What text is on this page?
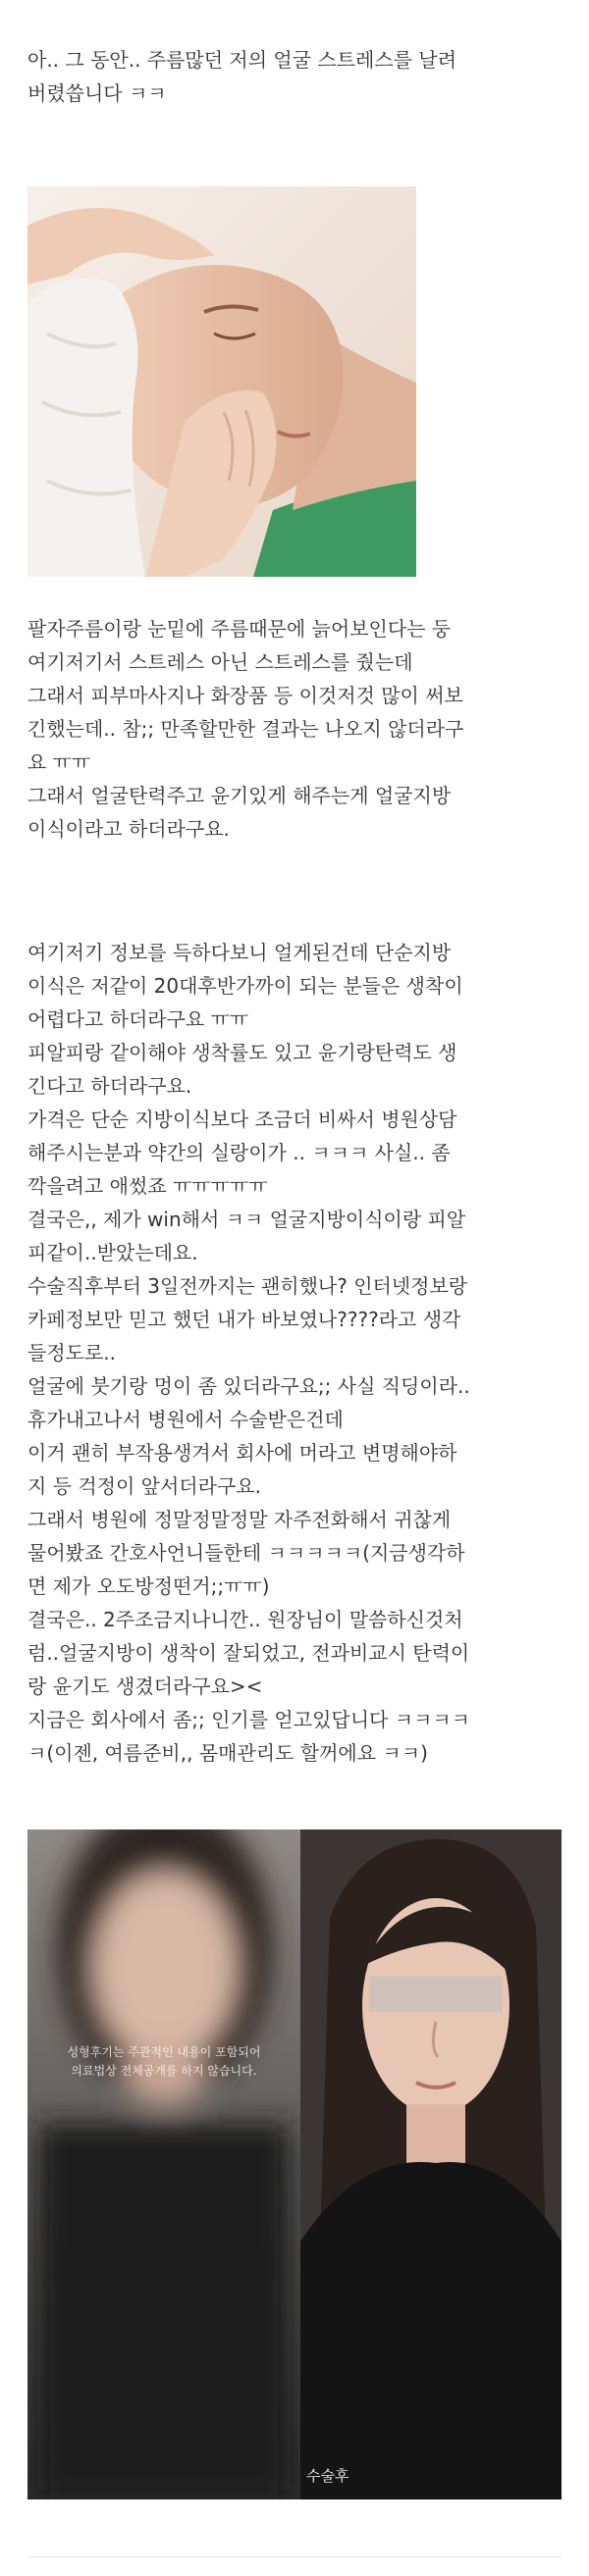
아.. 그 동안.. 주름많던 저의 얼굴 스트레스를 날려
버렸씁니다 ㅋㅋ

팔자주름이랑 눈밑에 주름때문에 늙어보인다는 둥
여기저기서 스트레스 아닌 스트레스를 줬는데
그래서 피부마사지나 화장품 등 이것저것 많이 써보
긴했는데.. 참;; 만족할만한 결과는 나오지 않더라구
요 ㅠㅠ
그래서 얼굴탄력주고 윤기있게 해주는게 얼굴지방
이식이라고 하더라구요.

여기저기 정보를 득하다보니 얼게된건데 단순지방
이식은 저같이 20대후반가까이 되는 분들은 생착이
어렵다고 하더라구요 ㅠㅠ
피알피랑 같이해야 생착률도 있고 윤기랑탄력도 생
긴다고 하더라구요.
가격은 단순 지방이식보다 조금더 비싸서 병원상담
해주시는분과 약간의 실랑이가 .. ㅋㅋㅋ 사실.. 좀
깍을려고 애썼죠 ㅠㅠㅠㅠㅠ
결국은,, 제가 win해서 ㅋㅋ 얼굴지방이식이랑 피알
피같이..받았는데요.
수술직후부터 3일전까지는 괜히했나? 인터넷정보랑
카페정보만 믿고 했던 내가 바보였나????라고 생각
들정도로..
얼굴에 붓기랑 멍이 좀 있더라구요;; 사실 직딩이라..
휴가내고나서 병원에서 수술받은건데
이거 괜히 부작용생겨서 회사에 머라고 변명해야하
지 등 걱정이 앞서더라구요.
그래서 병원에 정말정말정말 자주전화해서 귀찮게
물어봤죠 간호사언니들한테 ㅋㅋㅋㅋㅋ(지금생각하
면 제가 오도방정떤거;;ㅠㅠ)
결국은.. 2주조금지나니깐.. 원장님이 말씀하신것처
럼..얼굴지방이 생착이 잘되었고, 전과비교시 탄력이
랑 윤기도 생겼더라구요><
지금은 회사에서 좀;; 인기를 얻고있답니다 ㅋㅋㅋㅋ
ㅋ(이젠, 여름준비,, 몸매관리도 할꺼에요 ㅋㅋ)

성형후기는 주관적인 내용이 포함되어
의료법상 전체공개를 하지 않습니다.
수술후
